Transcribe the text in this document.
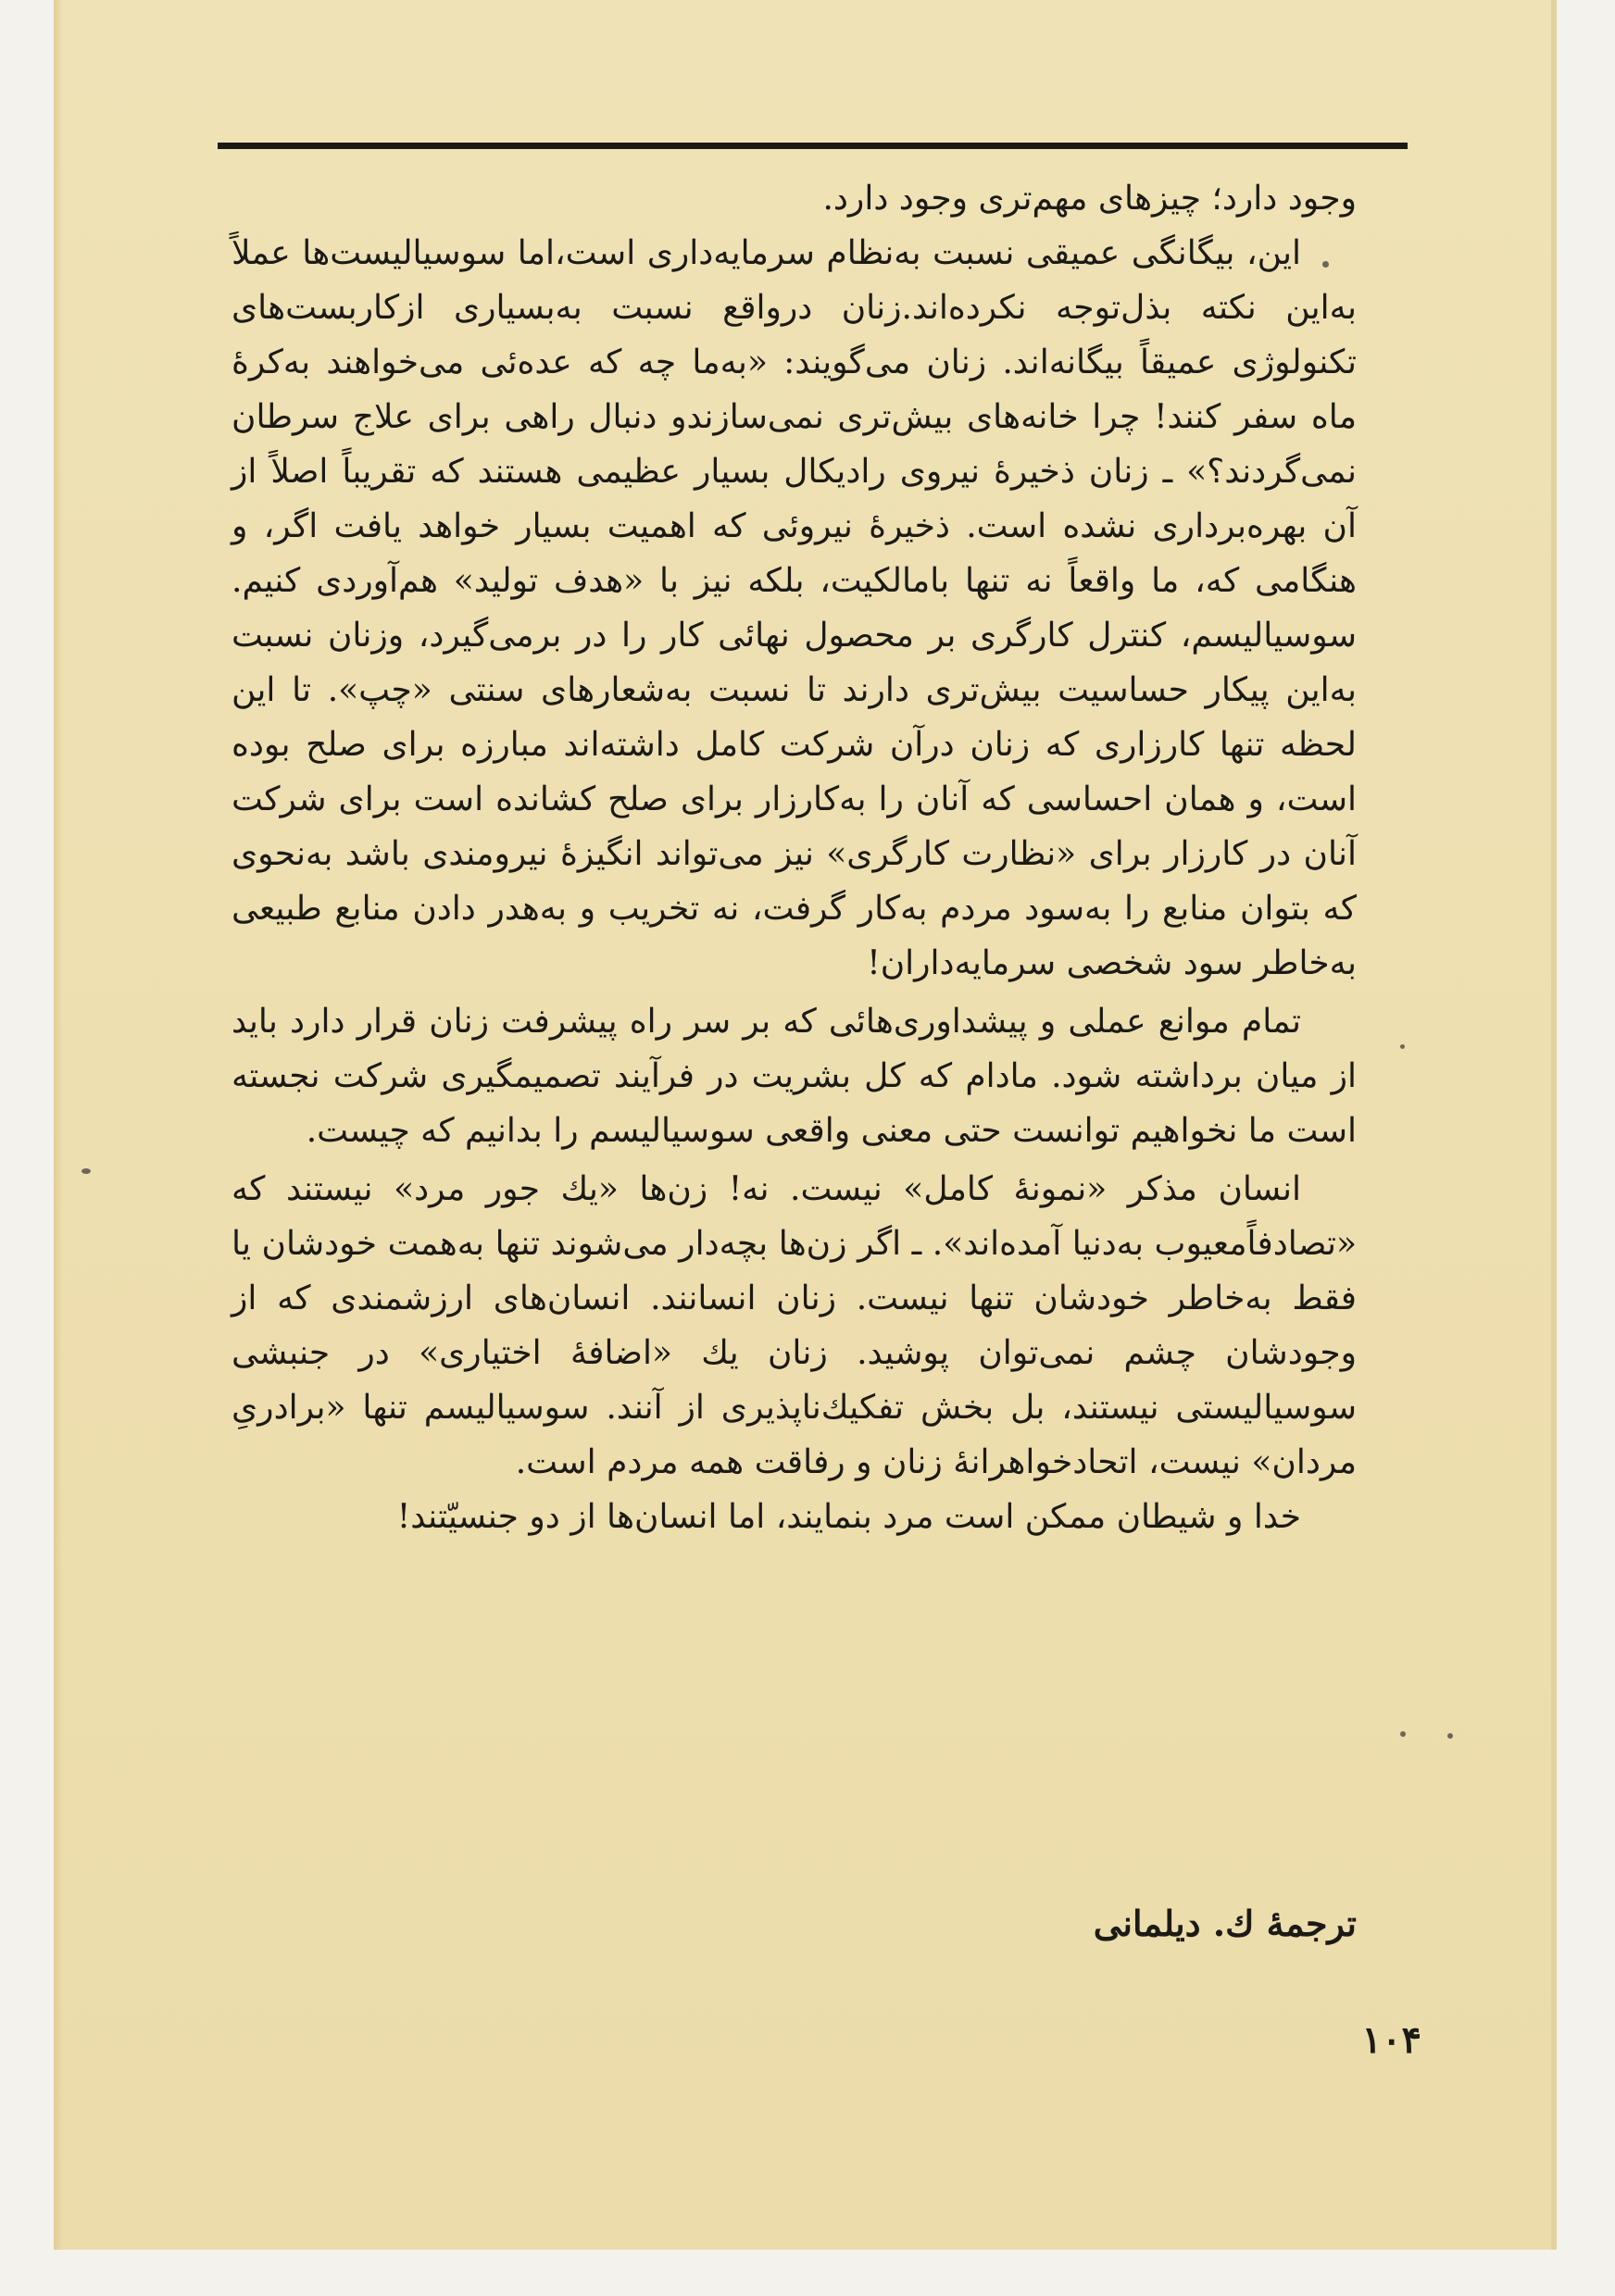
وجود دارد؛ چیزهای مهم‌تری وجود دارد.

این، بیگانگی عمیقی نسبت به‌نظام سرمایه‌داری است،اما سوسیالیست‌ها عملاً به‌این نکته بذل‌توجه نکرده‌اند.زنان درواقع نسبت به‌بسیاری ازکاربست‌های تکنولوژی عمیقاً بیگانه‌اند. زنان می‌گویند: «به‌ما چه که عده‌ئی می‌خواهند به‌کرهٔ ماه سفر کنند! چرا خانه‌های بیش‌تری نمی‌سازندو دنبال راهی برای علاج سرطان نمی‌گردند؟» ـ زنان ذخیرهٔ نیروی رادیکال بسیار عظیمی هستند که تقریباً اصلاً از آن بهره‌برداری نشده است. ذخیرهٔ نیروئی که اهمیت بسیار خواهد یافت اگر، و هنگامی که، ما واقعاً نه تنها بامالکیت، بلکه نیز با «هدف تولید» هم‌آوردی کنیم. سوسیالیسم، کنترل کارگری بر محصول نهائی کار را در برمی‌گیرد، وزنان نسبت به‌این پیکار حساسیت بیش‌تری دارند تا نسبت به‌شعارهای سنتی «چپ». تا این لحظه تنها کارزاری که زنان درآن شرکت کامل داشته‌اند مبارزه برای صلح بوده است، و همان احساسی که آنان را به‌کارزار برای صلح کشانده است برای شرکت آنان در کارزار برای «نظارت کارگری» نیز می‌تواند انگیزهٔ نیرومندی باشد به‌نحوی که بتوان منابع را به‌سود مردم به‌کار گرفت، نه تخریب و به‌هدر دادن منابع طبیعی به‌خاطر سود شخصی سرمایه‌داران!

تمام موانع عملی و پیشداوری‌هائی که بر سر راه پیشرفت زنان قرار دارد باید از میان برداشته شود. مادام که کل بشریت در فرآیند تصمیمگیری شرکت نجسته است ما نخواهیم توانست حتی معنی واقعی سوسیالیسم را بدانیم که چیست.

انسان مذکر «نمونهٔ کامل» نیست. نه! زن‌ها «یك جور مرد» نیستند که «تصادفاًمعیوب به‌دنیا آمده‌اند». ـ اگر زن‌ها بچه‌دار می‌شوند تنها به‌همت خودشان یا فقط به‌خاطر خودشان تنها نیست. زنان انسانند. انسان‌های ارزشمندی که از وجودشان چشم نمی‌توان پوشید. زنان یك «اضافهٔ اختیاری» در جنبشی سوسیالیستی نیستند، بل بخش تفکیك‌ناپذیری از آنند. سوسیالیسم تنها «برادریِ مردان» نیست، اتحادخواهرانهٔ زنان و رفاقت همه مردم است.

خدا و شیطان ممکن است مرد بنمایند، اما انسان‌ها از دو جنسیّتند!

ترجمهٔ ك. دیلمانی
۱۰۴
